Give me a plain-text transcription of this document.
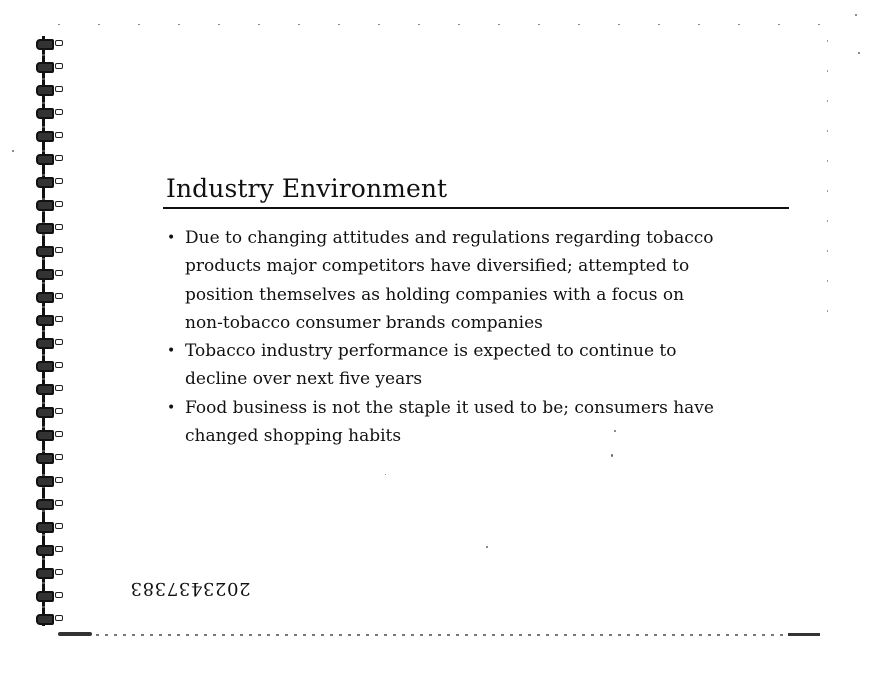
Industry Environment
• Due to changing attitudes and regulations regarding tobacco
products major competitors have diversified; attempted to
position themselves as holding companies with a focus on
non-tobacco consumer brands companies
• Tobacco industry performance is expected to continue to
decline over next five years
• Food business is not the staple it used to be; consumers have
changed shopping habits
2023437383
